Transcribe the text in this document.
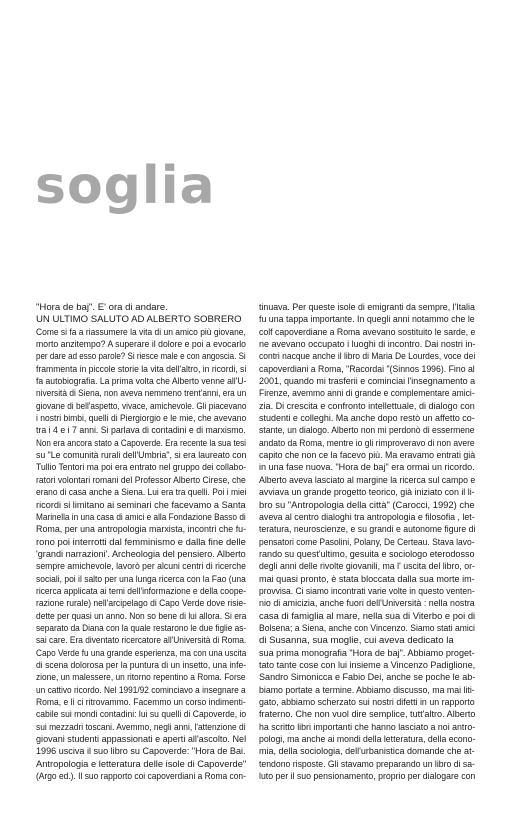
soglia

"Hora de baj". E' ora di andare.

UN ULTIMO SALUTO AD ALBERTO SOBRERO

Come si fa a riassumere la vita di un amico più giovane,

morto anzitempo? A superare il dolore e poi a evocarlo

per dare ad esso parole? Si riesce male e con angoscia. Si

frammenta in piccole storie la vita dell'altro, in ricordi, si

fa autobiografia. La prima volta che Alberto venne all'U-

niversità di Siena, non aveva nemmeno trent'anni, era un

giovane di bell'aspetto, vivace, amichevole. Gli piacevano

i nostri bimbi, quelli di Piergiorgio e le mie, che avevano

tra i 4 e i 7 anni. Si parlava di contadini e di marxismo.

Non era ancora stato a Capoverde. Era recente la sua tesi

su "Le comunità rurali dell'Umbria", si era laureato con

Tullio Tentori ma poi era entrato nel gruppo dei collabo-

ratori volontari romani del Professor Alberto Cirese, che

erano di casa anche a Siena. Lui era tra quelli. Poi i miei

ricordi si limitano ai seminari che facevamo a Santa

Marinella in una casa di amici e alla Fondazione Basso di

Roma, per una antropologia marxista, incontri che fu-

rono poi interrotti dal femminismo e dalla fine delle

'grandi narrazioni'. Archeologia del pensiero. Alberto

sempre amichevole, lavorò per alcuni centri di ricerche

sociali, poi il salto per una lunga ricerca con la Fao (una

ricerca applicata ai temi dell'informazione e della coope-

razione rurale) nell'arcipelago di Capo Verde dove risie-

dette per quasi un anno. Non so bene di lui allora. Si era

separato da Diana con la quale restarono le due figlie as-

sai care. Era diventato ricercatore all'Università di Roma.

Capo Verde fu una grande esperienza, ma con una uscita

di scena dolorosa per la puntura di un insetto, una infe-

zione, un malessere, un ritorno repentino a Roma. Forse

un cattivo ricordo. Nel 1991/92 cominciavo a insegnare a

Roma, e lì ci ritrovammo. Facemmo un corso indimenti-

cabile sui mondi contadini: lui su quelli di Capoverde, io

sui mezzadri toscani. Avemmo, negli anni, l'attenzione di

giovani studenti appassionati e aperti all'ascolto. Nel

1996 usciva il suo libro su Capoverde: "Hora de Bai.

Antropologia e letteratura delle isole di Capoverde"

(Argo ed.). Il suo rapporto coi capoverdiani a Roma con-

tinuava. Per queste isole di emigranti da sempre, l'Italia

fu una tappa importante. In quegli anni notammo che le

colf capoverdiane a Roma avevano sostituito le sarde, e

ne avevano occupato i luoghi di incontro. Dai nostri in-

contri nacque anche il libro di Maria De Lourdes, voce dei

capoverdiani a Roma, "Racordai "(Sinnos 1996). Fino al

2001, quando mi trasferii e cominciai l'insegnamento a

Firenze, avemmo anni di grande e complementare amici-

zia. Di crescita e confronto intellettuale, di dialogo con

studenti e colleghi. Ma anche dopo restò un affetto co-

stante, un dialogo. Alberto non mi perdonò di essermene

andato da Roma, mentre io gli rimproveravo di non avere

capito che non ce la facevo più. Ma eravamo entrati già

in una fase nuova. "Hora de baj" era ormai un ricordo.

Alberto aveva lasciato al margine la ricerca sul campo e

avviava un grande progetto teorico, già iniziato con il li-

bro su "Antropologia della città" (Carocci, 1992) che

aveva al centro dialoghi tra antropologia e filosofia , let-

teratura, neuroscienze, e su grandi e autonome figure di

pensatori come Pasolini, Polany, De Certeau. Stava lavo-

rando su quest'ultimo, gesuita e sociologo eterodosso

degli anni delle rivolte giovanili, ma l' uscita del libro, or-

mai quasi pronto, è stata bloccata dalla sua morte im-

provvisa. Ci siamo incontrati varie volte in questo venten-

nio di amicizia, anche fuori dell'Università : nella nostra

casa di famiglia al mare, nella sua di Viterbo e poi di

Bolsena; a Siena, anche con Vincenzo. Siamo stati amici

di Susanna, sua moglie, cui aveva dedicato la

sua prima monografia "Hora de baj". Abbiamo proget-

tato tante cose con lui insieme a Vincenzo Padiglione,

Sandro Simonicca e Fabio Dei, anche se poche le ab-

biamo portate a termine. Abbiamo discusso, ma mai liti-

gato, abbiamo scherzato sui nostri difetti in un rapporto

fraterno. Che non vuol dire semplice, tutt'altro. Alberto

ha scritto libri importanti che hanno lasciato a noi antro-

pologi, ma anche ai mondi della letteratura, della econo-

mia, della sociologia, dell'urbanistica domande che at-

tendono risposte. Gli stavamo preparando un libro di sa-

luto per il suo pensionamento, proprio per dialogare con
